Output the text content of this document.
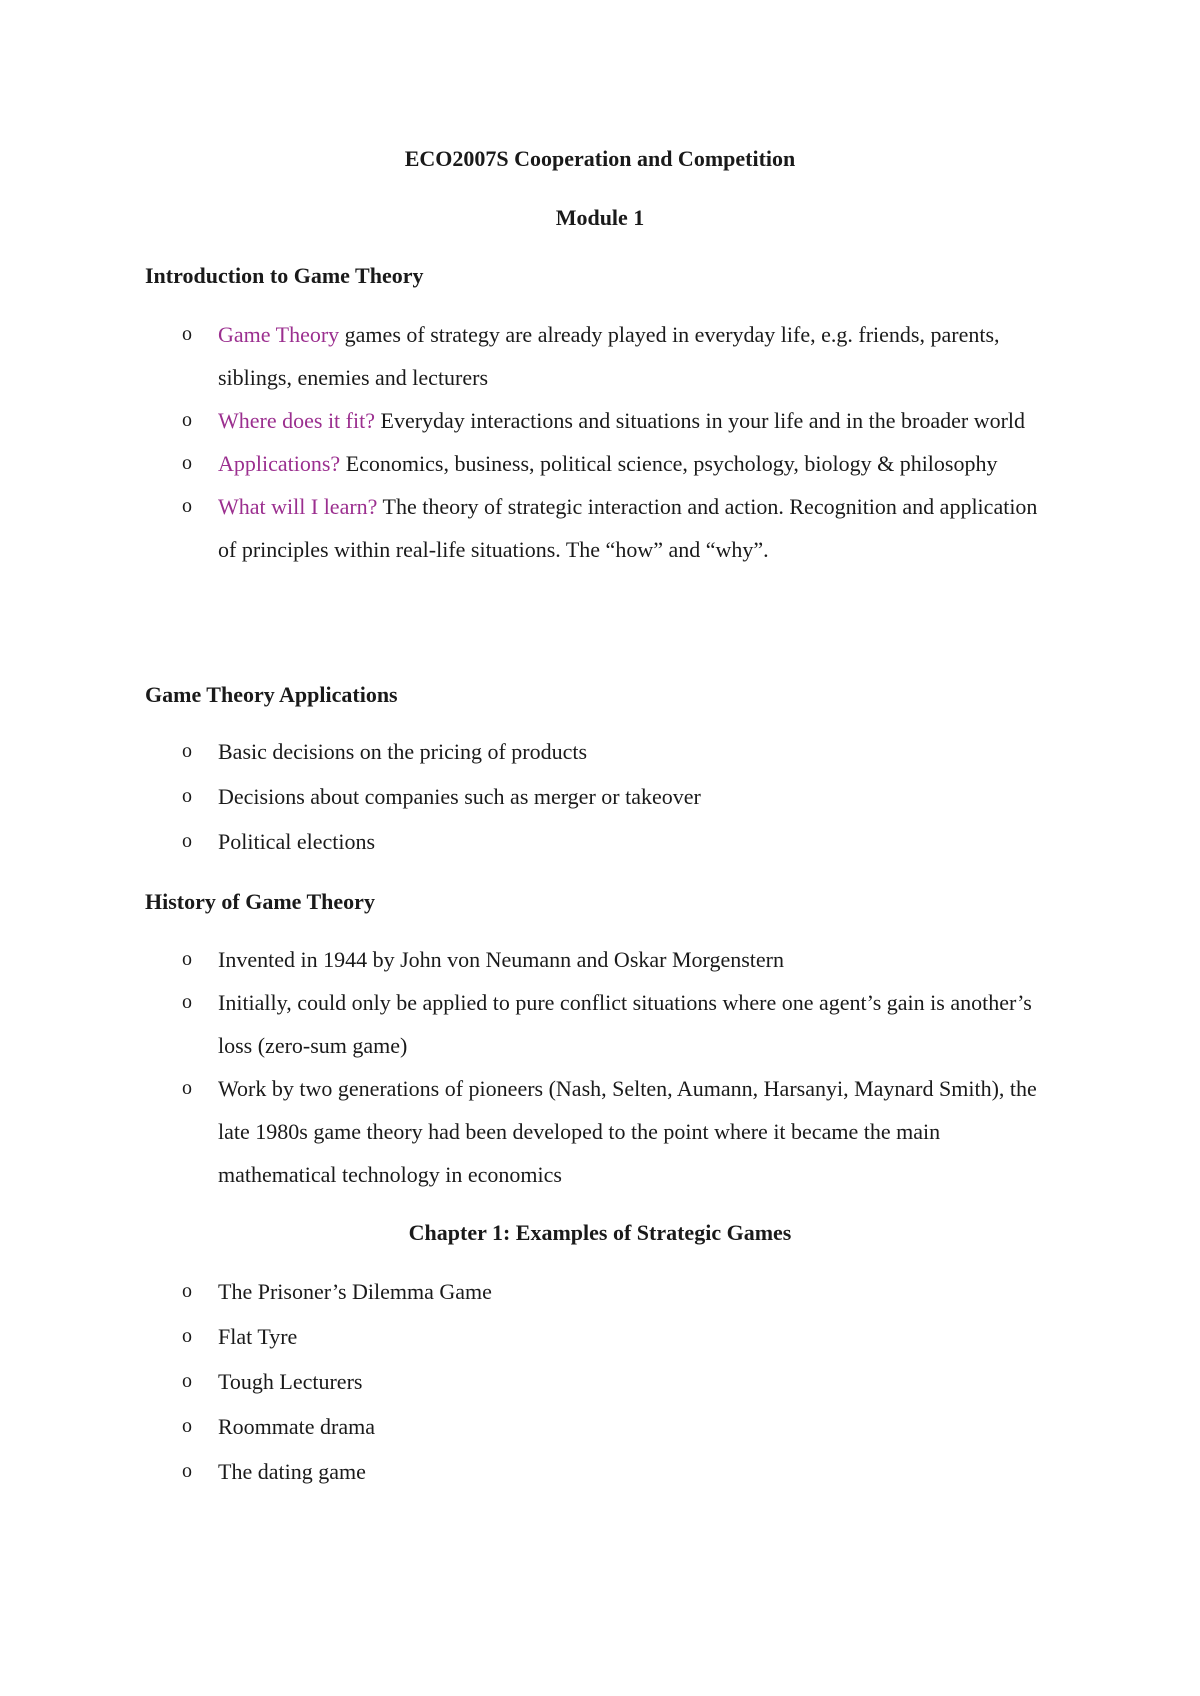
ECO2007S Cooperation and Competition
Module 1
Introduction to Game Theory
o Game Theory games of strategy are already played in everyday life, e.g. friends, parents, siblings, enemies and lecturers
o Where does it fit? Everyday interactions and situations in your life and in the broader world
o Applications? Economics, business, political science, psychology, biology & philosophy
o What will I learn? The theory of strategic interaction and action. Recognition and application of principles within real-life situations. The “how” and “why”.
Game Theory Applications
o Basic decisions on the pricing of products
o Decisions about companies such as merger or takeover
o Political elections
History of Game Theory
o Invented in 1944 by John von Neumann and Oskar Morgenstern
o Initially, could only be applied to pure conflict situations where one agent’s gain is another’s loss (zero-sum game)
o Work by two generations of pioneers (Nash, Selten, Aumann, Harsanyi, Maynard Smith), the late 1980s game theory had been developed to the point where it became the main mathematical technology in economics
Chapter 1: Examples of Strategic Games
o The Prisoner’s Dilemma Game
o Flat Tyre
o Tough Lecturers
o Roommate drama
o The dating game
